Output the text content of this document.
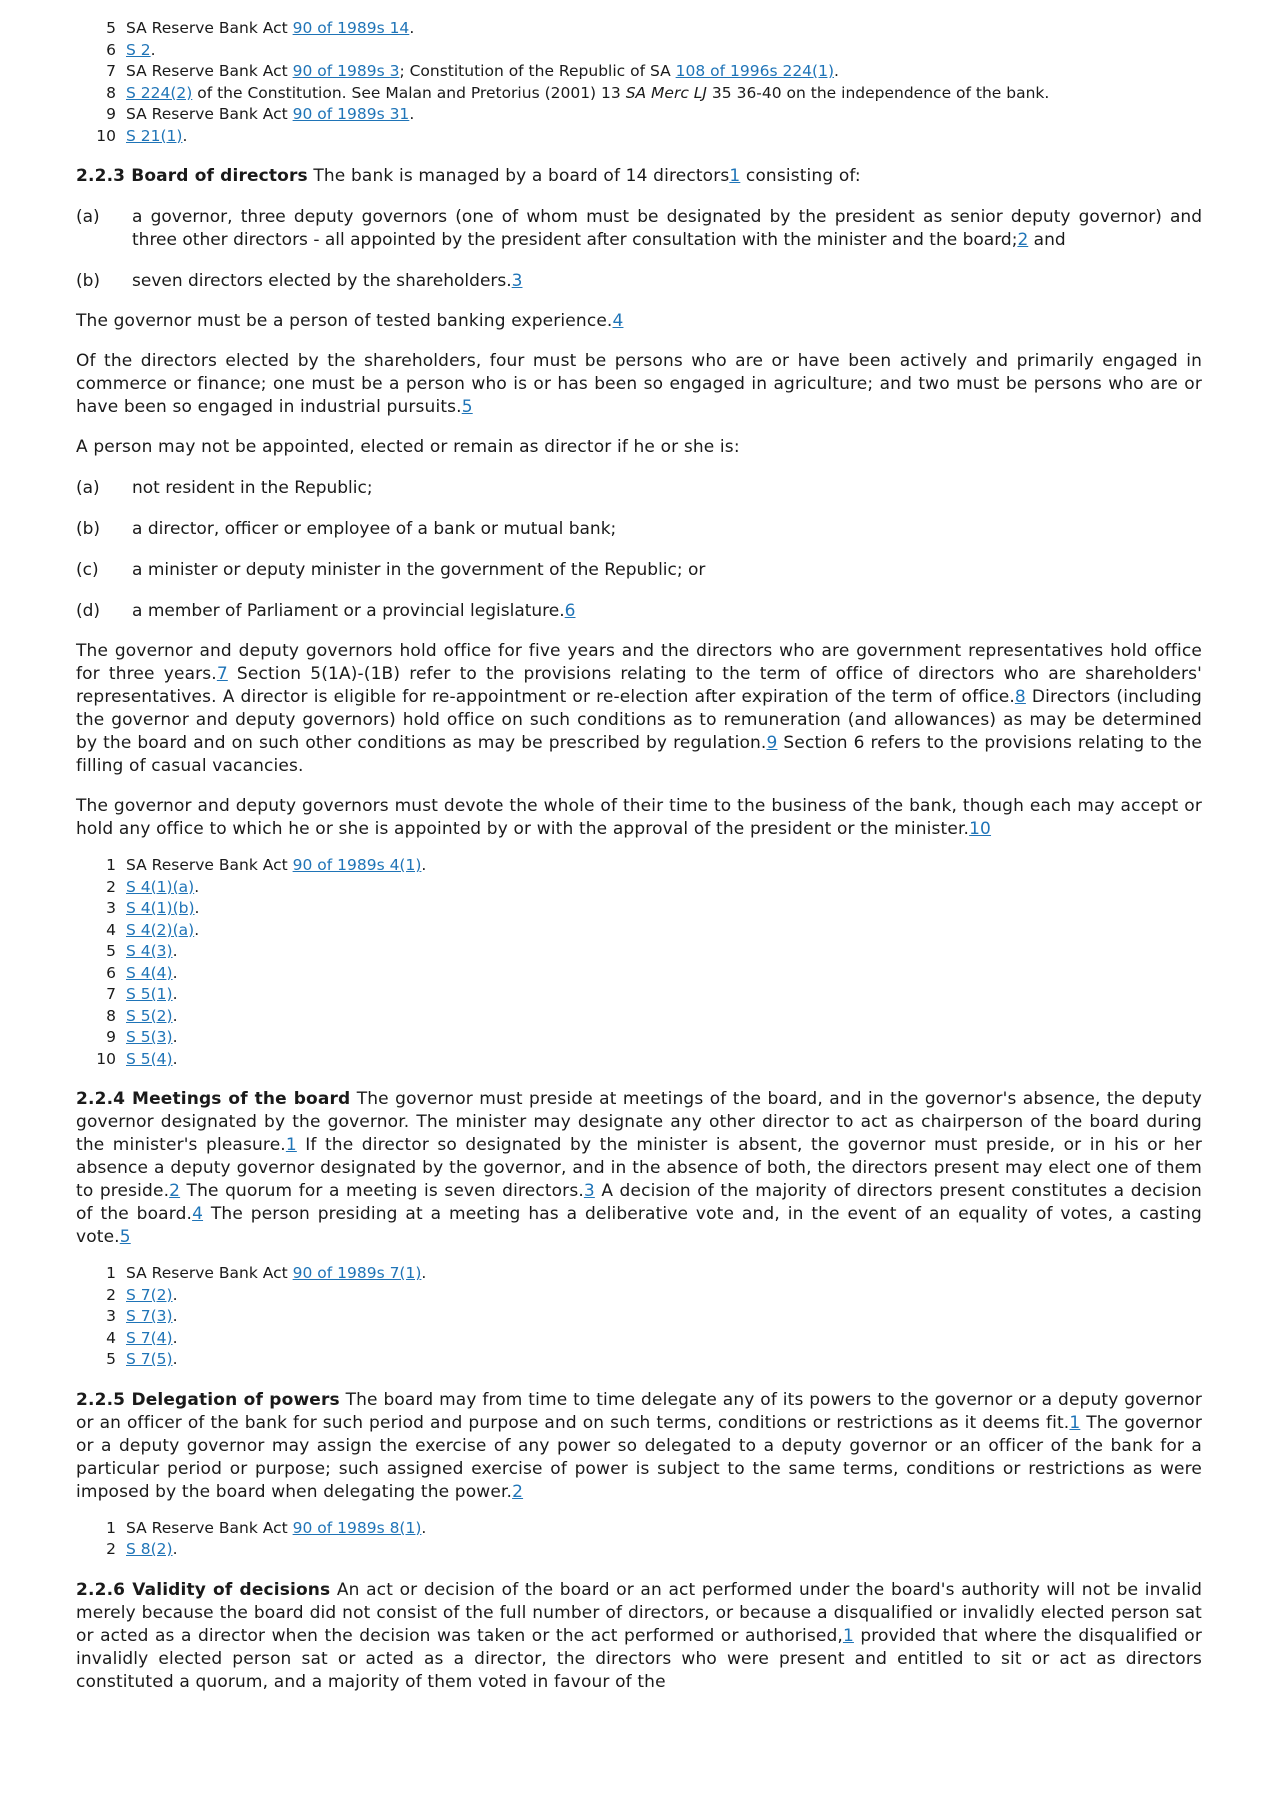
5 SA Reserve Bank Act 90 of 1989s 14.
6 S 2.
7 SA Reserve Bank Act 90 of 1989s 3; Constitution of the Republic of SA 108 of 1996s 224(1).
8 S 224(2) of the Constitution. See Malan and Pretorius (2001) 13 SA Merc LJ 35 36-40 on the independence of the bank.
9 SA Reserve Bank Act 90 of 1989s 31.
10 S 21(1).

2.2.3 Board of directors The bank is managed by a board of 14 directors1 consisting of:

(a)	a governor, three deputy governors (one of whom must be designated by the president as senior deputy governor) and three other directors - all appointed by the president after consultation with the minister and the board;2 and
(b)	seven directors elected by the shareholders.3

The governor must be a person of tested banking experience.4

Of the directors elected by the shareholders, four must be persons who are or have been actively and primarily engaged in commerce or finance; one must be a person who is or has been so engaged in agriculture; and two must be persons who are or have been so engaged in industrial pursuits.5

A person may not be appointed, elected or remain as director if he or she is:

(a)	not resident in the Republic;
(b)	a director, officer or employee of a bank or mutual bank;
(c)	a minister or deputy minister in the government of the Republic; or
(d)	a member of Parliament or a provincial legislature.6

The governor and deputy governors hold office for five years and the directors who are government representatives hold office for three years.7 Section 5(1A)-(1B) refer to the provisions relating to the term of office of directors who are shareholders' representatives. A director is eligible for re-appointment or re-election after expiration of the term of office.8 Directors (including the governor and deputy governors) hold office on such conditions as to remuneration (and allowances) as may be determined by the board and on such other conditions as may be prescribed by regulation.9 Section 6 refers to the provisions relating to the filling of casual vacancies.

The governor and deputy governors must devote the whole of their time to the business of the bank, though each may accept or hold any office to which he or she is appointed by or with the approval of the president or the minister.10

1 SA Reserve Bank Act 90 of 1989s 4(1).
2 S 4(1)(a).
3 S 4(1)(b).
4 S 4(2)(a).
5 S 4(3).
6 S 4(4).
7 S 5(1).
8 S 5(2).
9 S 5(3).
10 S 5(4).

2.2.4 Meetings of the board The governor must preside at meetings of the board, and in the governor's absence, the deputy governor designated by the governor. The minister may designate any other director to act as chairperson of the board during the minister's pleasure.1 If the director so designated by the minister is absent, the governor must preside, or in his or her absence a deputy governor designated by the governor, and in the absence of both, the directors present may elect one of them to preside.2 The quorum for a meeting is seven directors.3 A decision of the majority of directors present constitutes a decision of the board.4 The person presiding at a meeting has a deliberative vote and, in the event of an equality of votes, a casting vote.5

1 SA Reserve Bank Act 90 of 1989s 7(1).
2 S 7(2).
3 S 7(3).
4 S 7(4).
5 S 7(5).

2.2.5 Delegation of powers The board may from time to time delegate any of its powers to the governor or a deputy governor or an officer of the bank for such period and purpose and on such terms, conditions or restrictions as it deems fit.1 The governor or a deputy governor may assign the exercise of any power so delegated to a deputy governor or an officer of the bank for a particular period or purpose; such assigned exercise of power is subject to the same terms, conditions or restrictions as were imposed by the board when delegating the power.2

1 SA Reserve Bank Act 90 of 1989s 8(1).
2 S 8(2).

2.2.6 Validity of decisions An act or decision of the board or an act performed under the board's authority will not be invalid merely because the board did not consist of the full number of directors, or because a disqualified or invalidly elected person sat or acted as a director when the decision was taken or the act performed or authorised,1 provided that where the disqualified or invalidly elected person sat or acted as a director, the directors who were present and entitled to sit or act as directors constituted a quorum, and a majority of them voted in favour of the
